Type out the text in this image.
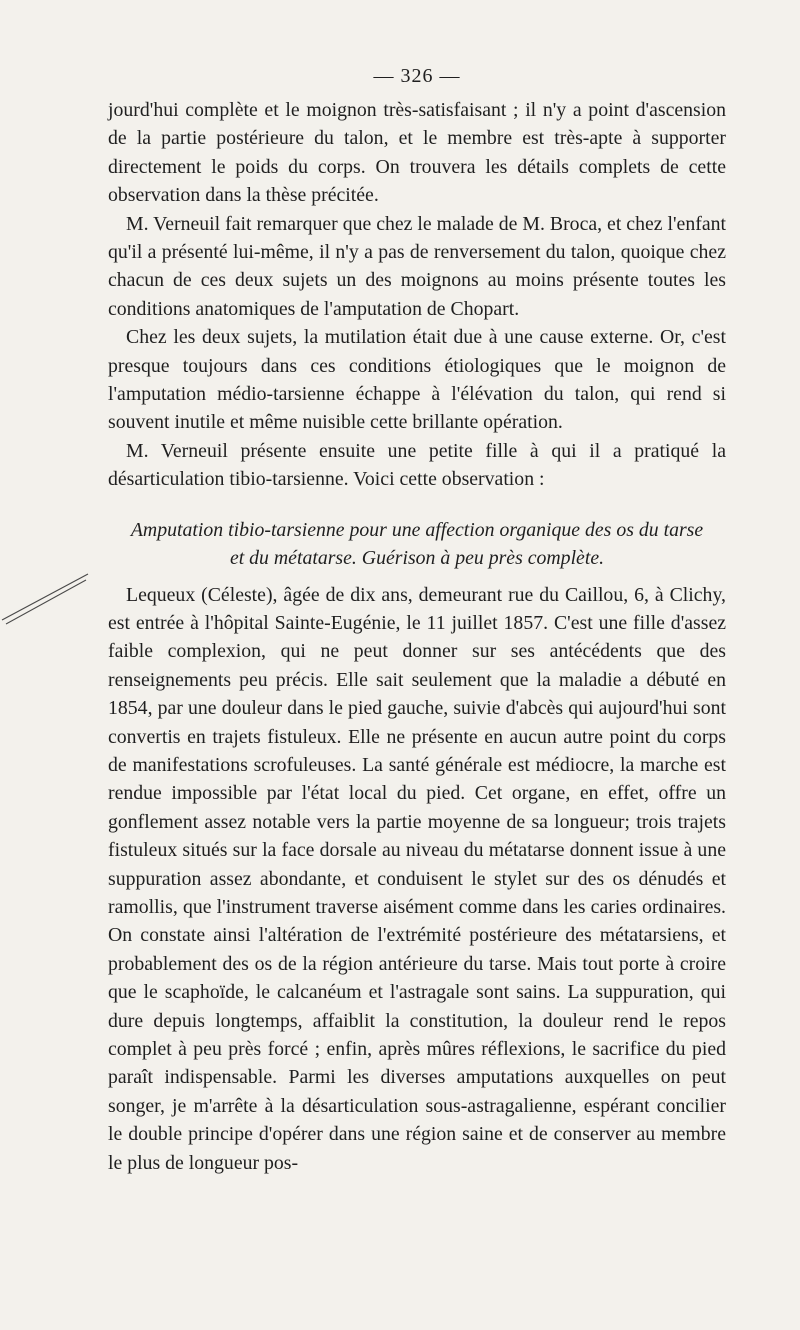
— 326 —

jourd'hui complète et le moignon très-satisfaisant ; il n'y a point d'ascension de la partie postérieure du talon, et le membre est très-apte à supporter directement le poids du corps. On trouvera les détails complets de cette observation dans la thèse précitée.

M. Verneuil fait remarquer que chez le malade de M. Broca, et chez l'enfant qu'il a présenté lui-même, il n'y a pas de renversement du talon, quoique chez chacun de ces deux sujets un des moignons au moins présente toutes les conditions anatomiques de l'amputation de Chopart.

Chez les deux sujets, la mutilation était due à une cause externe. Or, c'est presque toujours dans ces conditions étiologiques que le moignon de l'amputation médio-tarsienne échappe à l'élévation du talon, qui rend si souvent inutile et même nuisible cette brillante opération.

M. Verneuil présente ensuite une petite fille à qui il a pratiqué la désarticulation tibio-tarsienne. Voici cette observation :

Amputation tibio-tarsienne pour une affection organique des os du tarse
et du métatarse. Guérison à peu près complète.

Lequeux (Céleste), âgée de dix ans, demeurant rue du Caillou, 6, à Clichy, est entrée à l'hôpital Sainte-Eugénie, le 11 juillet 1857. C'est une fille d'assez faible complexion, qui ne peut donner sur ses antécédents que des renseignements peu précis. Elle sait seulement que la maladie a débuté en 1854, par une douleur dans le pied gauche, suivie d'abcès qui aujourd'hui sont convertis en trajets fistuleux. Elle ne présente en aucun autre point du corps de manifestations scrofuleuses. La santé générale est médiocre, la marche est rendue impossible par l'état local du pied. Cet organe, en effet, offre un gonflement assez notable vers la partie moyenne de sa longueur; trois trajets fistuleux situés sur la face dorsale au niveau du métatarse donnent issue à une suppuration assez abondante, et conduisent le stylet sur des os dénudés et ramollis, que l'instrument traverse aisément comme dans les caries ordinaires. On constate ainsi l'altération de l'extrémité postérieure des métatarsiens, et probablement des os de la région antérieure du tarse. Mais tout porte à croire que le scaphoïde, le calcanéum et l'astragale sont sains. La suppuration, qui dure depuis longtemps, affaiblit la constitution, la douleur rend le repos complet à peu près forcé ; enfin, après mûres réflexions, le sacrifice du pied paraît indispensable. Parmi les diverses amputations auxquelles on peut songer, je m'arrête à la désarticulation sous-astragalienne, espérant concilier le double principe d'opérer dans une région saine et de conserver au membre le plus de longueur pos-
